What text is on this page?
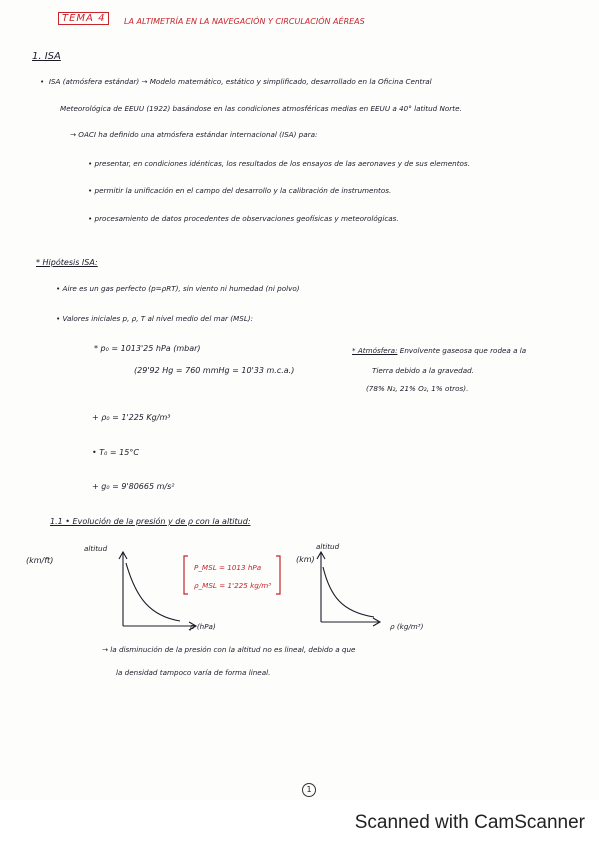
TEMA 4	LA ALTIMETRÍA EN LA NAVEGACIÓN Y CIRCULACIÓN AÉREAS
1. ISA
•  ISA (atmósfera estándar) → Modelo matemático, estático y simplificado, desarrollado en la Oficina Central
Meteorológica de EEUU (1922) basándose en las condiciones atmosféricas medias en EEUU a 40° latitud Norte.
→ OACI ha definido una atmósfera estándar internacional (ISA) para:
• presentar, en condiciones idénticas, los resultados de los ensayos de las aeronaves y de sus elementos.
• permitir la unificación en el campo del desarrollo y la calibración de instrumentos.
• procesamiento de datos procedentes de observaciones geofísicas y meteorológicas.
* Hipótesis ISA:
• Aire es un gas perfecto (p=ρRT), sin viento ni humedad (ni polvo)
• Valores iniciales p, ρ, T al nivel medio del mar (MSL):
* p₀ = 1013'25 hPa (mbar)
(29'92 Hg = 760 mmHg = 10'33 m.c.a.)
* Atmósfera: Envolvente gaseosa que rodea a la
Tierra debido a la gravedad.
(78% N₂, 21% O₂, 1% otros).
+ ρ₀ = 1'225 Kg/m³
• T₀ = 15°C
+ g₀ = 9'80665 m/s²
1.1 • Evolución de la presión y de ρ con la altitud:
altitud
(km/ft)
p (hPa)
P_MSL = 1013 hPa
ρ_MSL = 1'225 kg/m³
altitud
(km)
ρ (kg/m³)
→ la disminución de la presión con la altitud no es lineal, debido a que
la densidad tampoco varía de forma lineal.
1
Scanned with CamScanner
